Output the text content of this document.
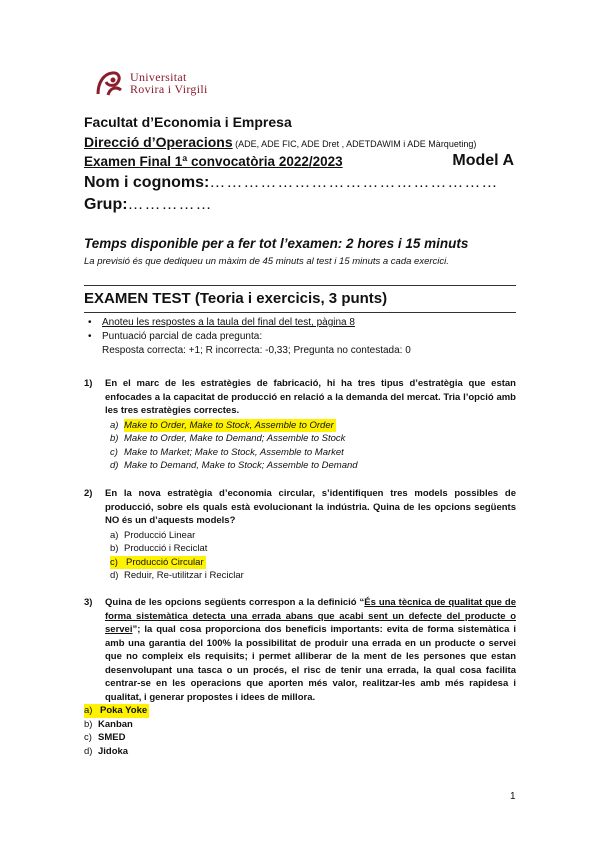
Universitat
Rovira i Virgili
Facultat d’Economia i Empresa
Direcció d’Operacions (ADE, ADE FIC, ADE Dret , ADETDAWIM i ADE Màrqueting)
Examen Final 1ª convocatòria 2022/2023	Model A
Nom i cognoms:……………………………………………
Grup:……………
Temps disponible per a fer tot l’examen: 2 hores i 15 minuts
La previsió és que dediqueu un màxim de 45 minuts al test i 15 minuts a cada exercici.
EXAMEN TEST (Teoria i exercicis, 3 punts)
•	Anoteu les respostes a la taula del final del test, pàgina 8
•	Puntuació parcial de cada pregunta:
Resposta correcta: +1; R incorrecta: -0,33; Pregunta no contestada: 0
1) En el marc de les estratègies de fabricació, hi ha tres tipus d’estratègia que estan enfocades a la capacitat de producció en relació a la demanda del mercat. Tria l’opció amb les tres estratègies correctes.
a) Make to Order, Make to Stock, Assemble to Order
b) Make to Order, Make to Demand; Assemble to Stock
c) Make to Market; Make to Stock, Assemble to Market
d) Make to Demand, Make to Stock; Assemble to Demand
2) En la nova estratègia d’economia circular, s’identifiquen tres models possibles de producció, sobre els quals està evolucionant la indústria. Quina de les opcions següents NO és un d’aquests models?
a) Producció Linear
b) Producció i Reciclat
c) Producció Circular
d) Reduir, Re-utilitzar i Reciclar
3) Quina de les opcions següents correspon a la definició “És una tècnica de qualitat que de forma sistemàtica detecta una errada abans que acabi sent un defecte del producte o servei”; la qual cosa proporciona dos beneficis importants: evita de forma sistemàtica i amb una garantia del 100% la possibilitat de produir una errada en un producte o servei que no compleix els requisits; i permet alliberar de la ment de les persones que estan desenvolupant una tasca o un procés, el risc de tenir una errada, la qual cosa facilita centrar-se en les operacions que aporten més valor, realitzar-les amb més rapidesa i qualitat, i generar propostes i idees de millora.
a) Poka Yoke
b) Kanban
c) SMED
d) Jidoka
1
